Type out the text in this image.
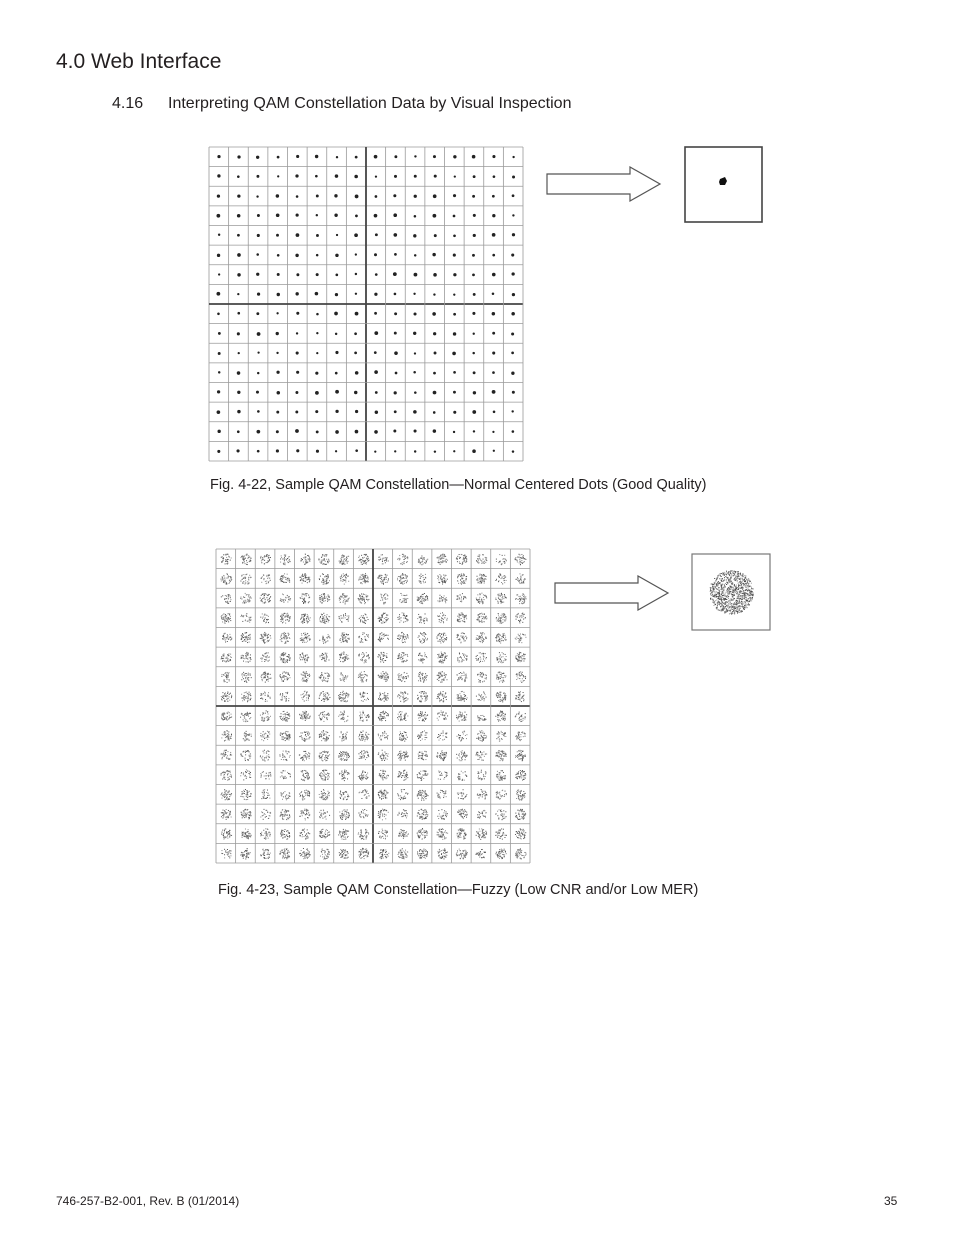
4.0 Web Interface
4.16 Interpreting QAM Constellation Data by Visual Inspection
Fig. 4-22, Sample QAM Constellation—Normal Centered Dots (Good Quality)
Fig. 4-23, Sample QAM Constellation—Fuzzy (Low CNR and/or Low MER)
746-257-B2-001, Rev. B (01/2014)	35
